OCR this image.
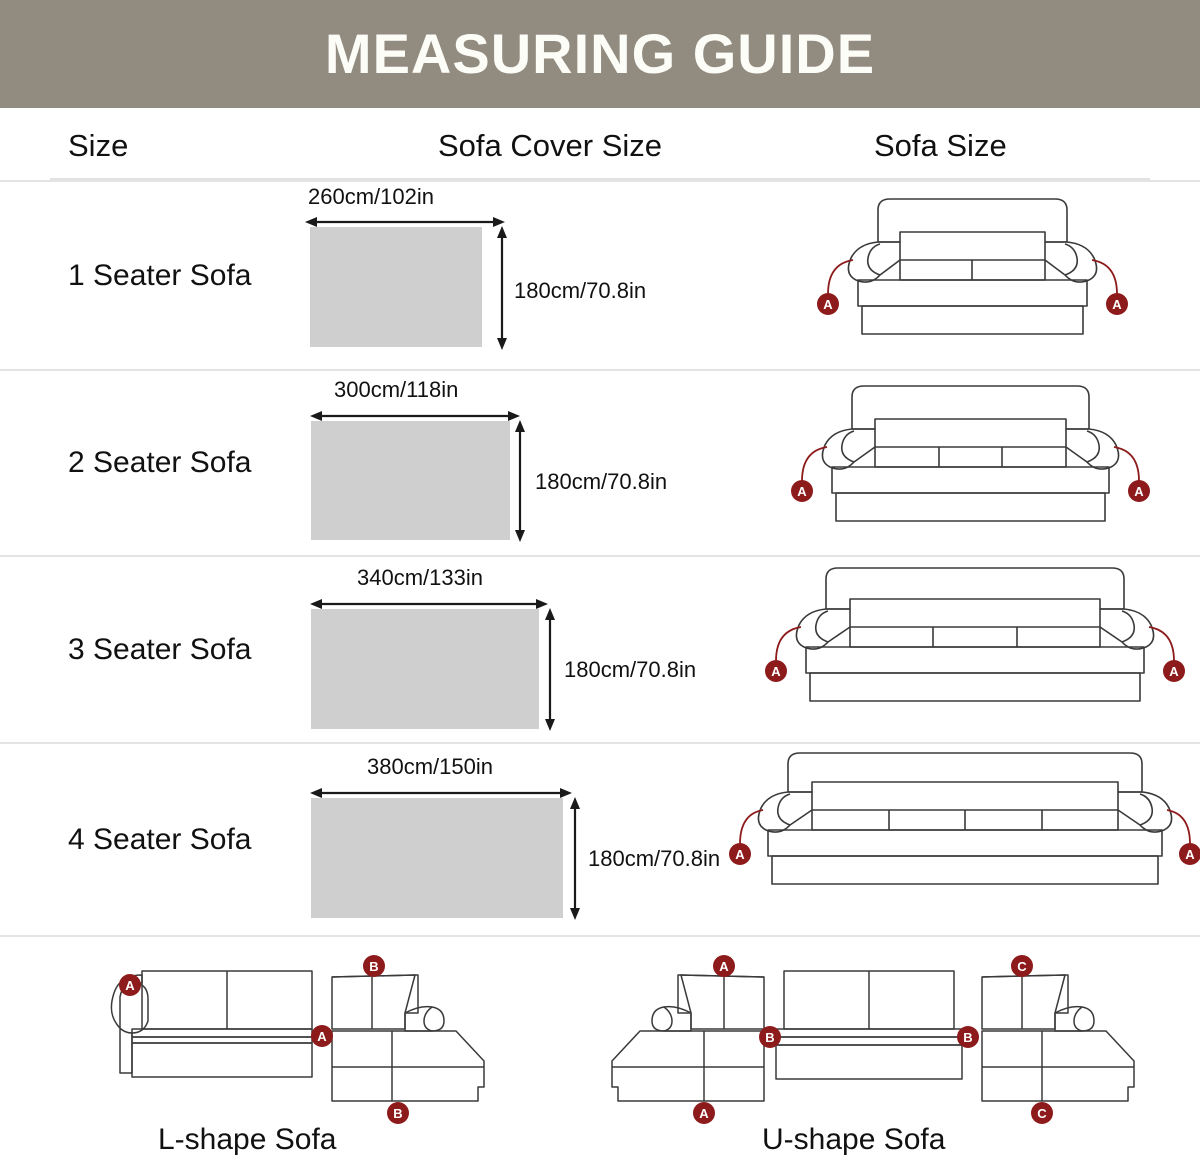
MEASURING GUIDE
Size	Sofa Cover Size	Sofa Size
1 Seater Sofa
260cm/102in
180cm/70.8in
A	A
2 Seater Sofa
300cm/118in
180cm/70.8in	A	A
3 Seater Sofa
340cm/133in
180cm/70.8in	A	A
4 Seater Sofa
380cm/150in
180cm/70.8in A	A
A
A
B
B
L-shape Sofa
A
A
B	B
C
C
U-shape Sofa
